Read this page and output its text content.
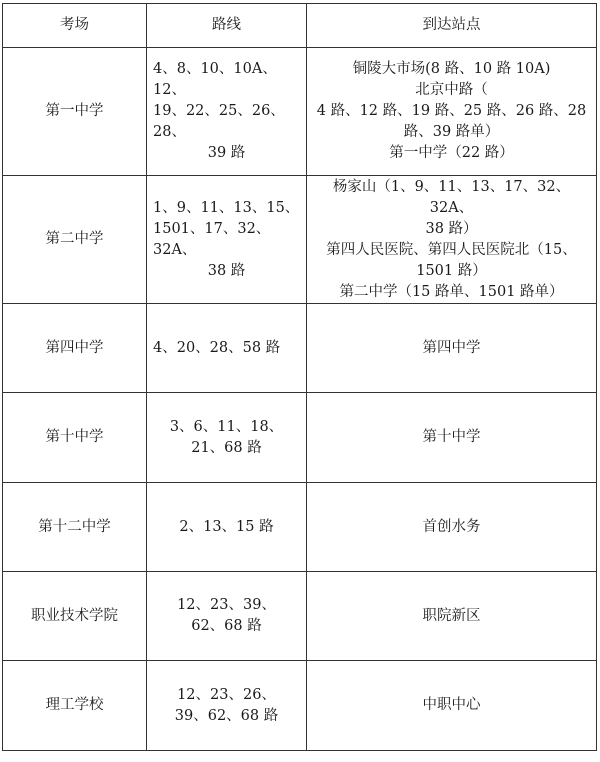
考场	路线	到达站点
第一中学	4、8、10、10A、12、
19、22、25、26、28、
39 路	铜陵大市场(8 路、10 路 10A)
北京中路（
4 路、12 路、19 路、25 路、26 路、28
路、39 路单）
第一中学（22 路）

第二中学	1、9、11、13、15、
1501、17、32、32A、
38 路	杨家山（1、9、11、13、17、32、32A、
38 路）
第四人民医院、第四人民医院北（15、
1501 路）
第二中学（15 路单、1501 路单）

第四中学	4、20、28、58 路	第四中学

第十中学	3、6、11、18、
21、68 路	第十中学

第十二中学	2、13、15 路	首创水务

职业技术学院	12、23、39、
62、68 路	职院新区

理工学校	12、23、26、
39、62、68 路	中职中心
